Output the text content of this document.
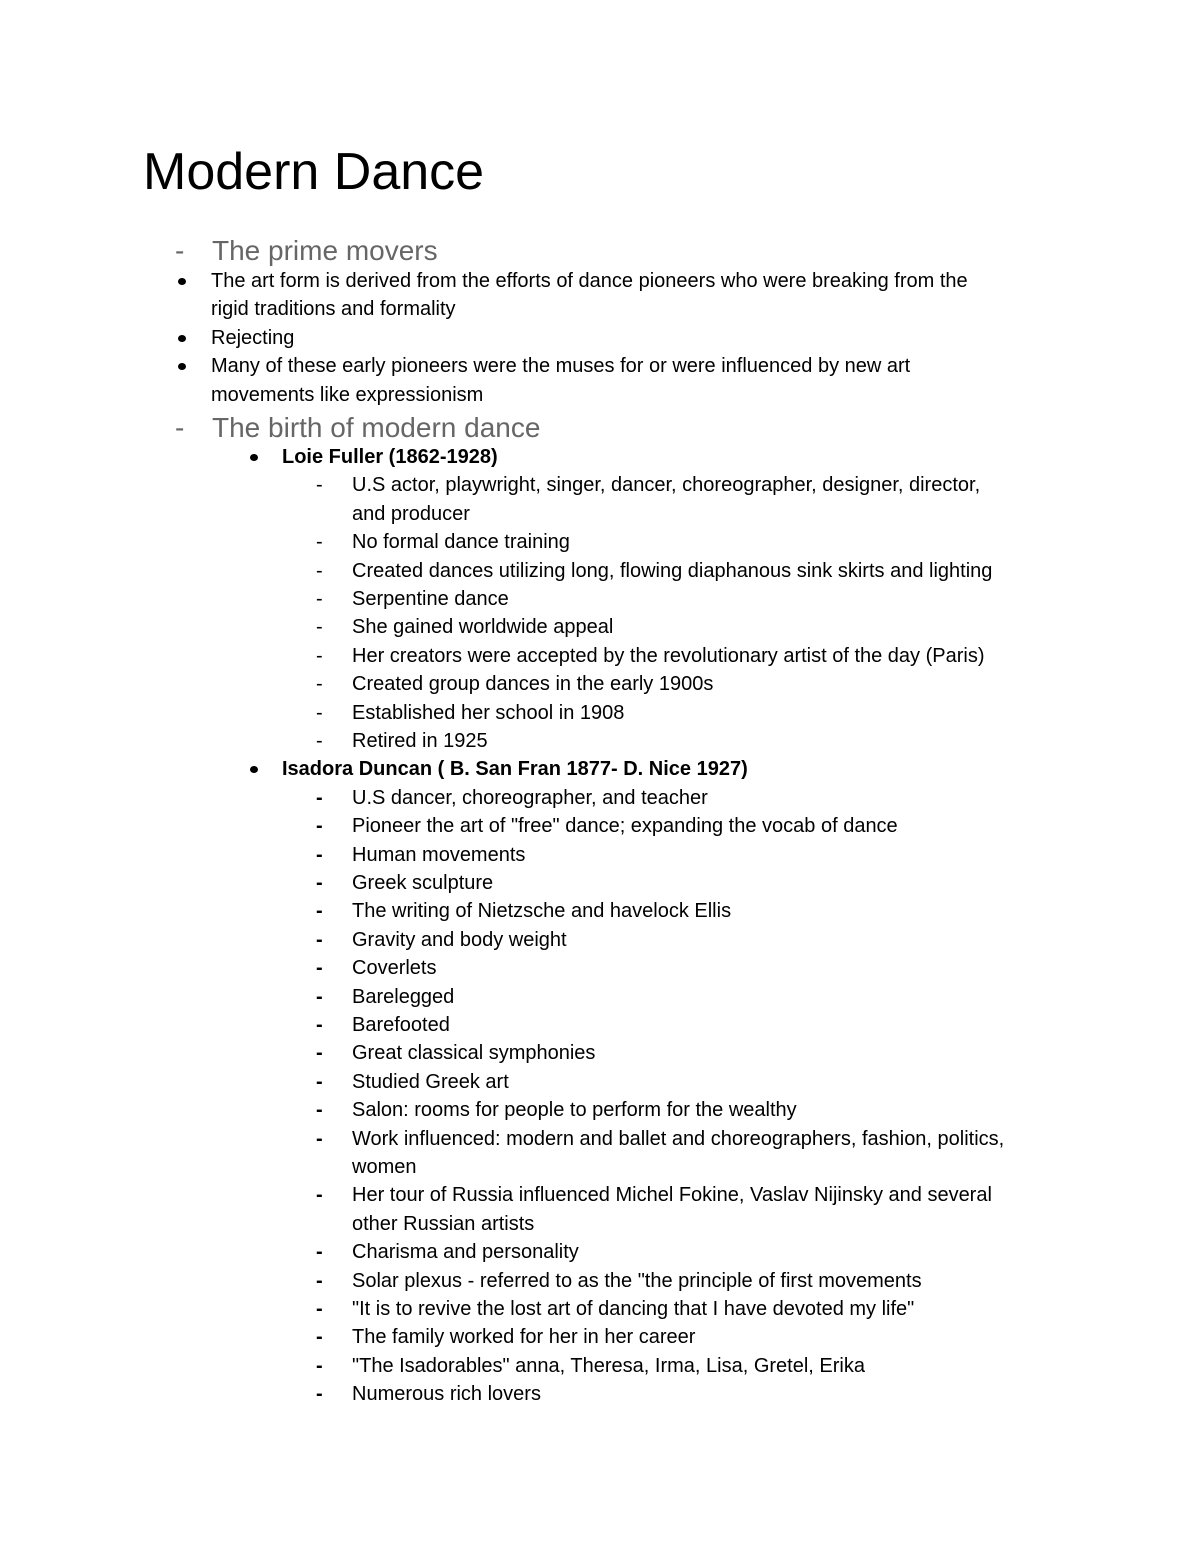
Modern Dance
- The prime movers
The art form is derived from the efforts of dance pioneers who were breaking from the
rigid traditions and formality
Rejecting
Many of these early pioneers were the muses for or were influenced by new art
movements like expressionism
- The birth of modern dance
Loie Fuller (1862-1928)
- U.S actor, playwright, singer, dancer, choreographer, designer, director,
and producer
- No formal dance training
- Created dances utilizing long, flowing diaphanous sink skirts and lighting
- Serpentine dance
- She gained worldwide appeal
- Her creators were accepted by the revolutionary artist of the day (Paris)
- Created group dances in the early 1900s
- Established her school in 1908
- Retired in 1925
Isadora Duncan ( B. San Fran 1877- D. Nice 1927)
- U.S dancer, choreographer, and teacher
- Pioneer the art of "free" dance; expanding the vocab of dance
- Human movements
- Greek sculpture
- The writing of Nietzsche and havelock Ellis
- Gravity and body weight
- Coverlets
- Barelegged
- Barefooted
- Great classical symphonies
- Studied Greek art
- Salon: rooms for people to perform for the wealthy
- Work influenced: modern and ballet and choreographers, fashion, politics,
women
- Her tour of Russia influenced Michel Fokine, Vaslav Nijinsky and several
other Russian artists
- Charisma and personality
- Solar plexus - referred to as the "the principle of first movements
- "It is to revive the lost art of dancing that I have devoted my life"
- The family worked for her in her career
- "The Isadorables" anna, Theresa, Irma, Lisa, Gretel, Erika
- Numerous rich lovers
